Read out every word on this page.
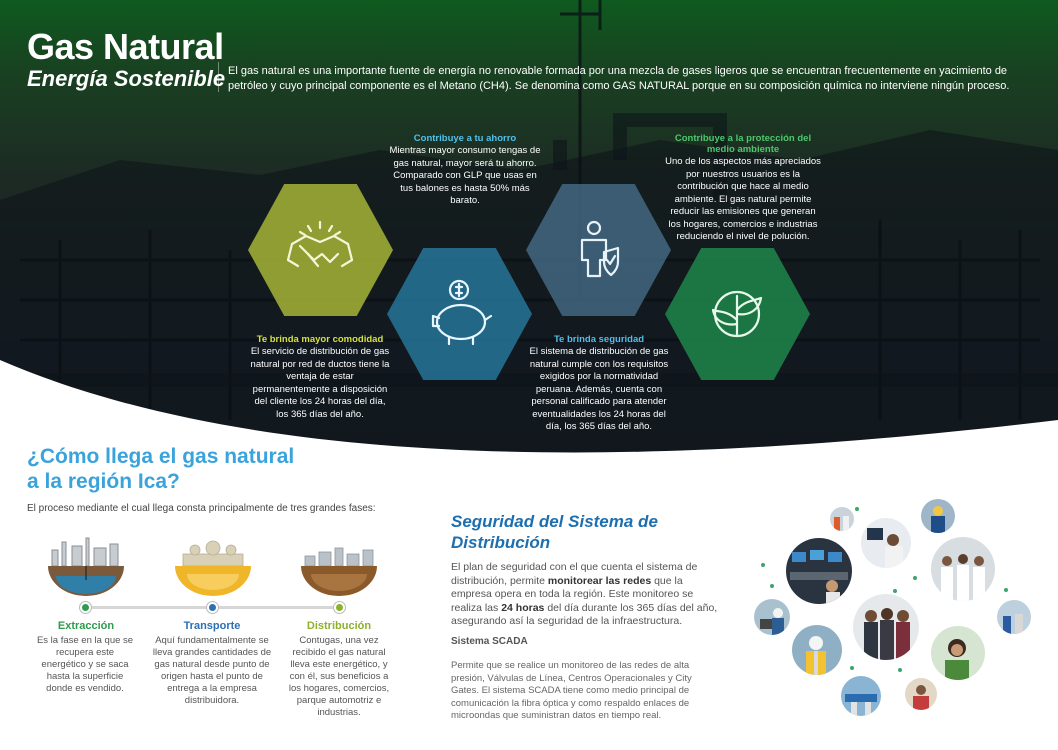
Gas Natural
Energía Sostenible El gas natural es una importante fuente de energía no renovable formada por una mezcla de gases ligeros que se encuentran frecuentemente en yacimiento de petróleo y cuyo principal componente es el Metano (CH4). Se denomina como GAS NATURAL porque en su composición química no interviene ningún proceso.
Contribuye a tu ahorro

Mientras mayor consumo tengas de gas natural, mayor será tu ahorro. Comparado con GLP que usas en tus balones es hasta 50% más barato.

Contribuye a la protección del medio ambiente

Uno de los aspectos más apreciados por nuestros usuarios es la contribución que hace al medio ambiente. El gas natural permite reducir las emisiones que generan los hogares, comercios e industrias reduciendo el nivel de polución.

Te brinda mayor comodidad

El servicio de distribución de gas natural por red de ductos tiene la ventaja de estar permanentemente a disposición del cliente los 24 horas del día, los 365 días del año.

Te brinda seguridad

El sistema de distribución de gas natural cumple con los requisitos exigidos por la normatividad peruana. Además, cuenta con personal calificado para atender eventualidades los 24 horas del día, los 365 días del año.

¿Cómo llega el gas natural a la región Ica?
El proceso mediante el cual llega consta principalmente de tres grandes fases:
Extracción	Transporte	Distribución
Es la fase en la que se recupera este energético y se saca hasta la superficie donde es vendido.
Aquí fundamentalmente se lleva grandes cantidades de gas natural desde punto de origen hasta el punto de entrega a la empresa distribuidora.
Contugas, una vez recibido el gas natural lleva este energético, y con él, sus beneficios a los hogares, comercios, parque automotriz e industrias.
Seguridad del Sistema de Distribución
El plan de seguridad con el que cuenta el sistema de distribución, permite monitorear las redes que la empresa opera en toda la región. Este monitoreo se realiza las 24 horas del día durante los 365 días del año, asegurando así la seguridad de la infraestructura.
Sistema SCADA
Permite que se realice un monitoreo de las redes de alta presión, Válvulas de Línea, Centros Operacionales y City Gates. El sistema SCADA tiene como medio principal de comunicación la fibra óptica y como respaldo enlaces de microondas que suministran datos en tiempo real.
